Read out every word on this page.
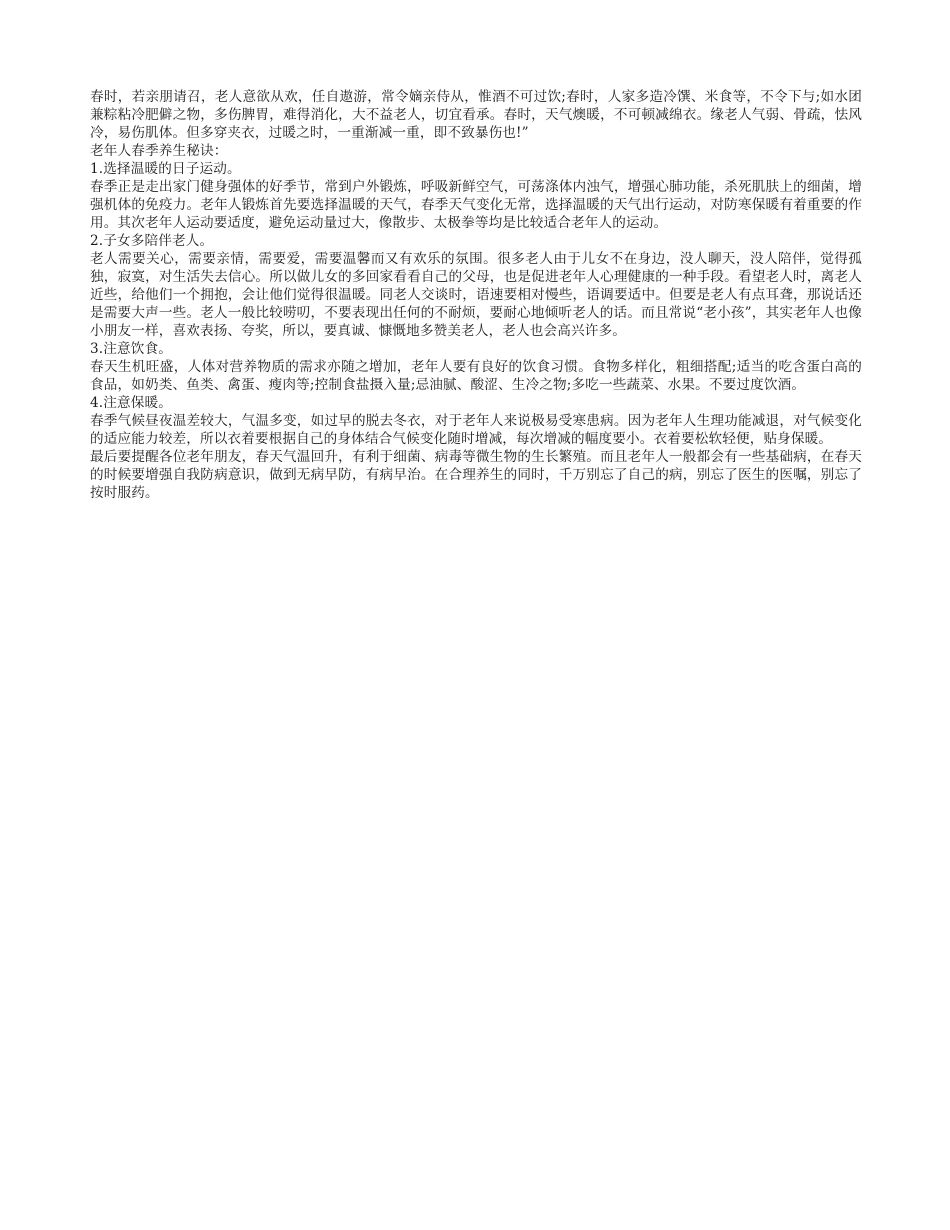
春时，若亲朋请召，老人意欲从欢，任自遨游，常令嫡亲侍从，惟酒不可过饮;春时，人家多造冷馔、米食等，不令下与;如水团兼粽粘冷肥僻之物，多伤脾胃，难得消化，大不益老人，切宜看承。春时，天气燠暖，不可顿减绵衣。缘老人气弱、骨疏，怯风冷，易伤肌体。但多穿夹衣，过暖之时，一重渐减一重，即不致暴伤也!”

老年人春季养生秘诀：

1.选择温暖的日子运动。

春季正是走出家门健身强体的好季节，常到户外锻炼，呼吸新鲜空气，可荡涤体内浊气，增强心肺功能，杀死肌肤上的细菌，增强机体的免疫力。老年人锻炼首先要选择温暖的天气，春季天气变化无常，选择温暖的天气出行运动，对防寒保暖有着重要的作用。其次老年人运动要适度，避免运动量过大，像散步、太极拳等均是比较适合老年人的运动。

2.子女多陪伴老人。

老人需要关心，需要亲情，需要爱，需要温馨而又有欢乐的氛围。很多老人由于儿女不在身边，没人聊天，没人陪伴，觉得孤独，寂寞，对生活失去信心。所以做儿女的多回家看看自己的父母，也是促进老年人心理健康的一种手段。看望老人时，离老人近些，给他们一个拥抱，会让他们觉得很温暖。同老人交谈时，语速要相对慢些，语调要适中。但要是老人有点耳聋，那说话还是需要大声一些。老人一般比较唠叨，不要表现出任何的不耐烦，要耐心地倾听老人的话。而且常说“老小孩”，其实老年人也像小朋友一样，喜欢表扬、夸奖，所以，要真诚、慷慨地多赞美老人，老人也会高兴许多。

3.注意饮食。

春天生机旺盛，人体对营养物质的需求亦随之增加，老年人要有良好的饮食习惯。食物多样化，粗细搭配;适当的吃含蛋白高的食品，如奶类、鱼类、禽蛋、瘦肉等;控制食盐摄入量;忌油腻、酸涩、生冷之物;多吃一些蔬菜、水果。不要过度饮酒。

4.注意保暖。

春季气候昼夜温差较大，气温多变，如过早的脱去冬衣，对于老年人来说极易受寒患病。因为老年人生理功能减退，对气候变化的适应能力较差，所以衣着要根据自己的身体结合气候变化随时增减，每次增减的幅度要小。衣着要松软轻便，贴身保暖。

最后要提醒各位老年朋友，春天气温回升，有利于细菌、病毒等微生物的生长繁殖。而且老年人一般都会有一些基础病，在春天的时候要增强自我防病意识，做到无病早防，有病早治。在合理养生的同时，千万别忘了自己的病，别忘了医生的医嘱，别忘了按时服药。
